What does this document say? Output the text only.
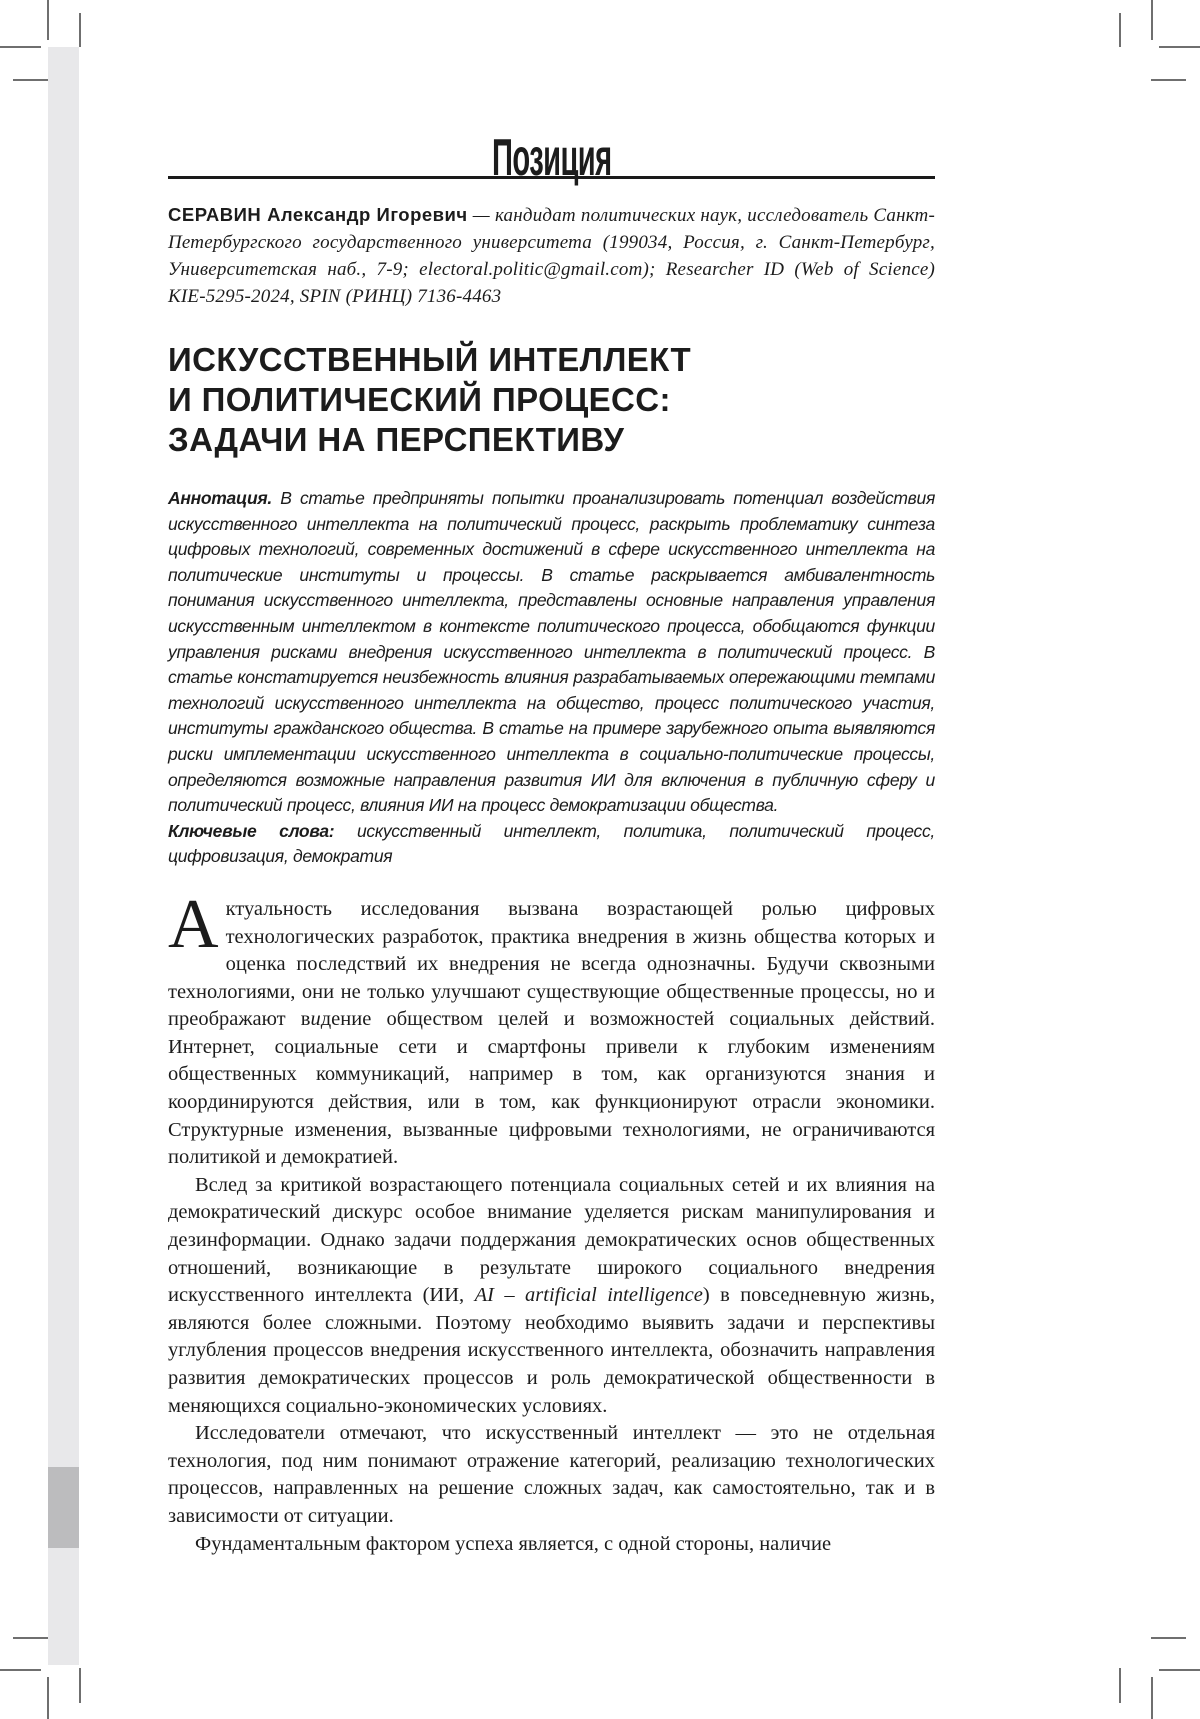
Позиция

СЕРАВИН Александр Игоревич — кандидат политических наук, исследователь Санкт-Петербургского государственного университета (199034, Россия, г. Санкт-Петербург, Университетская наб., 7-9; electoral.politic@gmail.com); Researcher ID (Web of Science) KIE-5295-2024, SPIN (РИНЦ) 7136-4463

ИСКУССТВЕННЫЙ ИНТЕЛЛЕКТ
И ПОЛИТИЧЕСКИЙ ПРОЦЕСС:
ЗАДАЧИ НА ПЕРСПЕКТИВУ

Аннотация. В статье предприняты попытки проанализировать потенциал воздействия искусственного интеллекта на политический процесс, раскрыть проблематику синтеза цифровых технологий, современных достижений в сфере искусственного интеллекта на политические институты и процессы. В статье раскрывается амбивалентность понимания искусственного интеллекта, представлены основные направления управления искусственным интеллектом в контексте политического процесса, обобщаются функции управления рисками внедрения искусственного интеллекта в политический процесс. В статье констатируется неизбежность влияния разрабатываемых опережающими темпами технологий искусственного интеллекта на общество, процесс политического участия, институты гражданского общества. В статье на примере зарубежного опыта выявляются риски имплементации искусственного интеллекта в социально-политические процессы, определяются возможные направления развития ИИ для включения в публичную сферу и политический процесс, влияния ИИ на процесс демократизации общества.

Ключевые слова: искусственный интеллект, политика, политический процесс, цифровизация, демократия

Актуальность исследования вызвана возрастающей ролью цифровых технологических разработок, практика внедрения в жизнь общества которых и оценка последствий их внедрения не всегда однозначны. Будучи сквозными технологиями, они не только улучшают существующие общественные процессы, но и преображают видение обществом целей и возможностей социальных действий. Интернет, социальные сети и смартфоны привели к глубоким изменениям общественных коммуникаций, например в том, как организуются знания и координируются действия, или в том, как функционируют отрасли экономики. Структурные изменения, вызванные цифровыми технологиями, не ограничиваются политикой и демократией.

Вслед за критикой возрастающего потенциала социальных сетей и их влияния на демократический дискурс особое внимание уделяется рискам манипулирования и дезинформации. Однако задачи поддержания демократических основ общественных отношений, возникающие в результате широкого социального внедрения искусственного интеллекта (ИИ, AI – artificial intelligence) в повседневную жизнь, являются более сложными. Поэтому необходимо выявить задачи и перспективы углубления процессов внедрения искусственного интеллекта, обозначить направления развития демократических процессов и роль демократической общественности в меняющихся социально-экономических условиях.

Исследователи отмечают, что искусственный интеллект — это не отдельная технология, под ним понимают отражение категорий, реализацию технологических процессов, направленных на решение сложных задач, как самостоятельно, так и в зависимости от ситуации.

Фундаментальным фактором успеха является, с одной стороны, наличие
